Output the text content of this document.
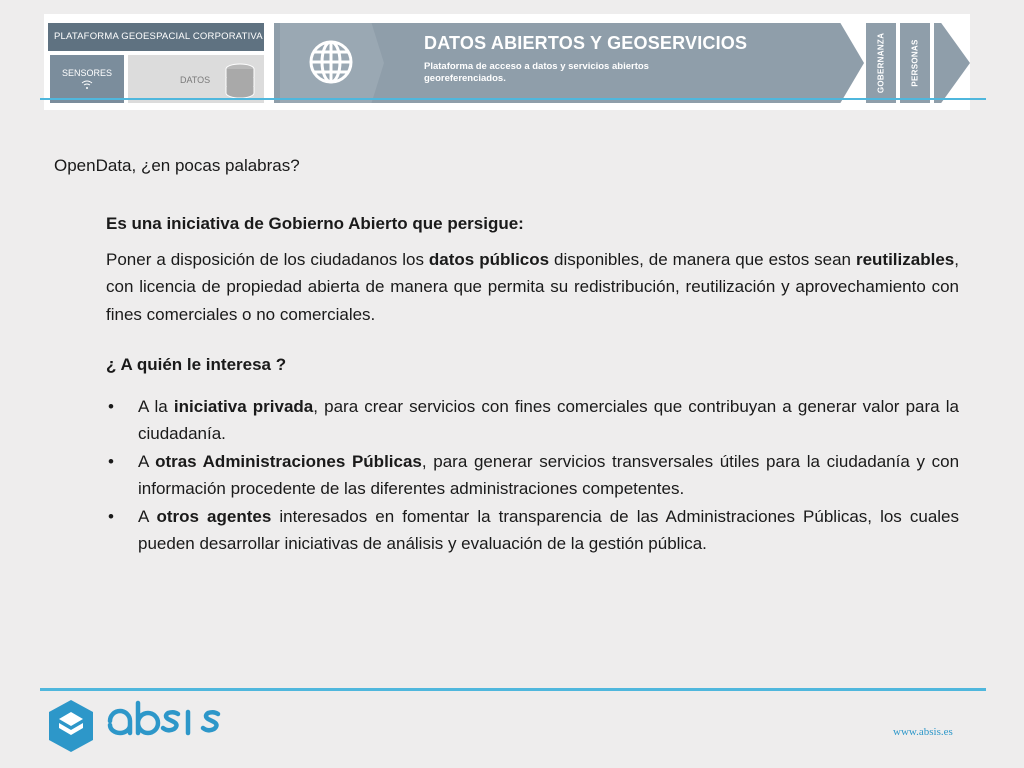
PLATAFORMA GEOESPACIAL CORPORATIVA
SENSORES
DATOS
DATOS ABIERTOS Y GEOSERVICIOS
Plataforma de acceso a datos y servicios abiertos georeferenciados.	GOBERNANZA	PERSONAS
OpenData, ¿en pocas palabras?

Es una iniciativa de Gobierno Abierto que persigue:

Poner a disposición de los ciudadanos los datos públicos disponibles, de manera que estos sean reutilizables, con licencia de propiedad abierta de manera que permita su redistribución, reutilización y aprovechamiento con fines comerciales o no comerciales.

¿ A quién le interesa ?

• A la iniciativa privada, para crear servicios con fines comerciales que contribuyan a generar valor para la ciudadanía.
• A otras Administraciones Públicas, para generar servicios transversales útiles para la ciudadanía y con información procedente de las diferentes administraciones competentes.
• A otros agentes interesados en fomentar la transparencia de las Administraciones Públicas, los cuales pueden desarrollar iniciativas de análisis y evaluación de la gestión pública.
www.absis.es
